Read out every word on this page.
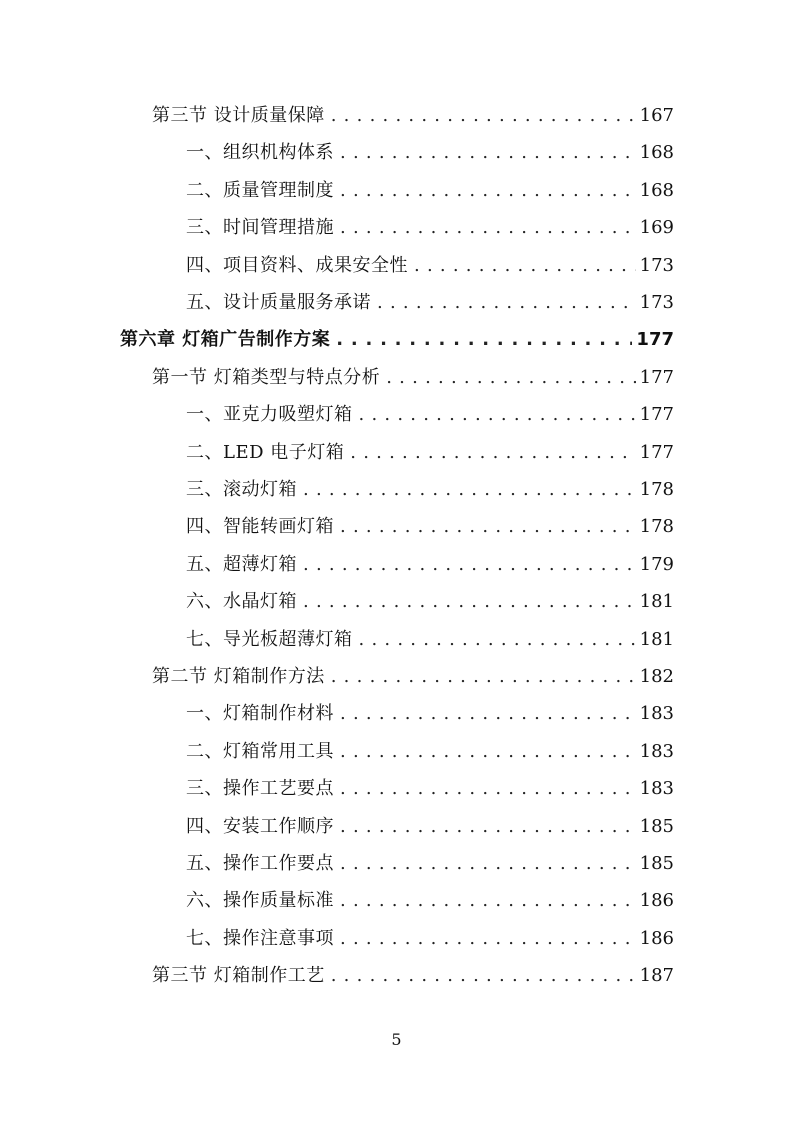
第三节 设计质量保障 . . .	167
一、组织机构体系 . . .	168
二、质量管理制度 . . .	168
三、时间管理措施 . . .	169
四、项目资料、成果安全性 . . .	173
五、设计质量服务承诺 . . .	173
第六章 灯箱广告制作方案 . . .	177
第一节 灯箱类型与特点分析 . . .	177
一、亚克力吸塑灯箱 . . .	177
二、LED 电子灯箱 . . .	177
三、滚动灯箱 . . .	178
四、智能转画灯箱 . . .	178
五、超薄灯箱 . . .	179
六、水晶灯箱 . . .	181
七、导光板超薄灯箱 . . .	181
第二节 灯箱制作方法 . . .	182
一、灯箱制作材料 . . .	183
二、灯箱常用工具 . . .	183
三、操作工艺要点 . . .	183
四、安装工作顺序 . . .	185
五、操作工作要点 . . .	185
六、操作质量标准 . . .	186
七、操作注意事项 . . .	186
第三节 灯箱制作工艺 . . .	187
5
